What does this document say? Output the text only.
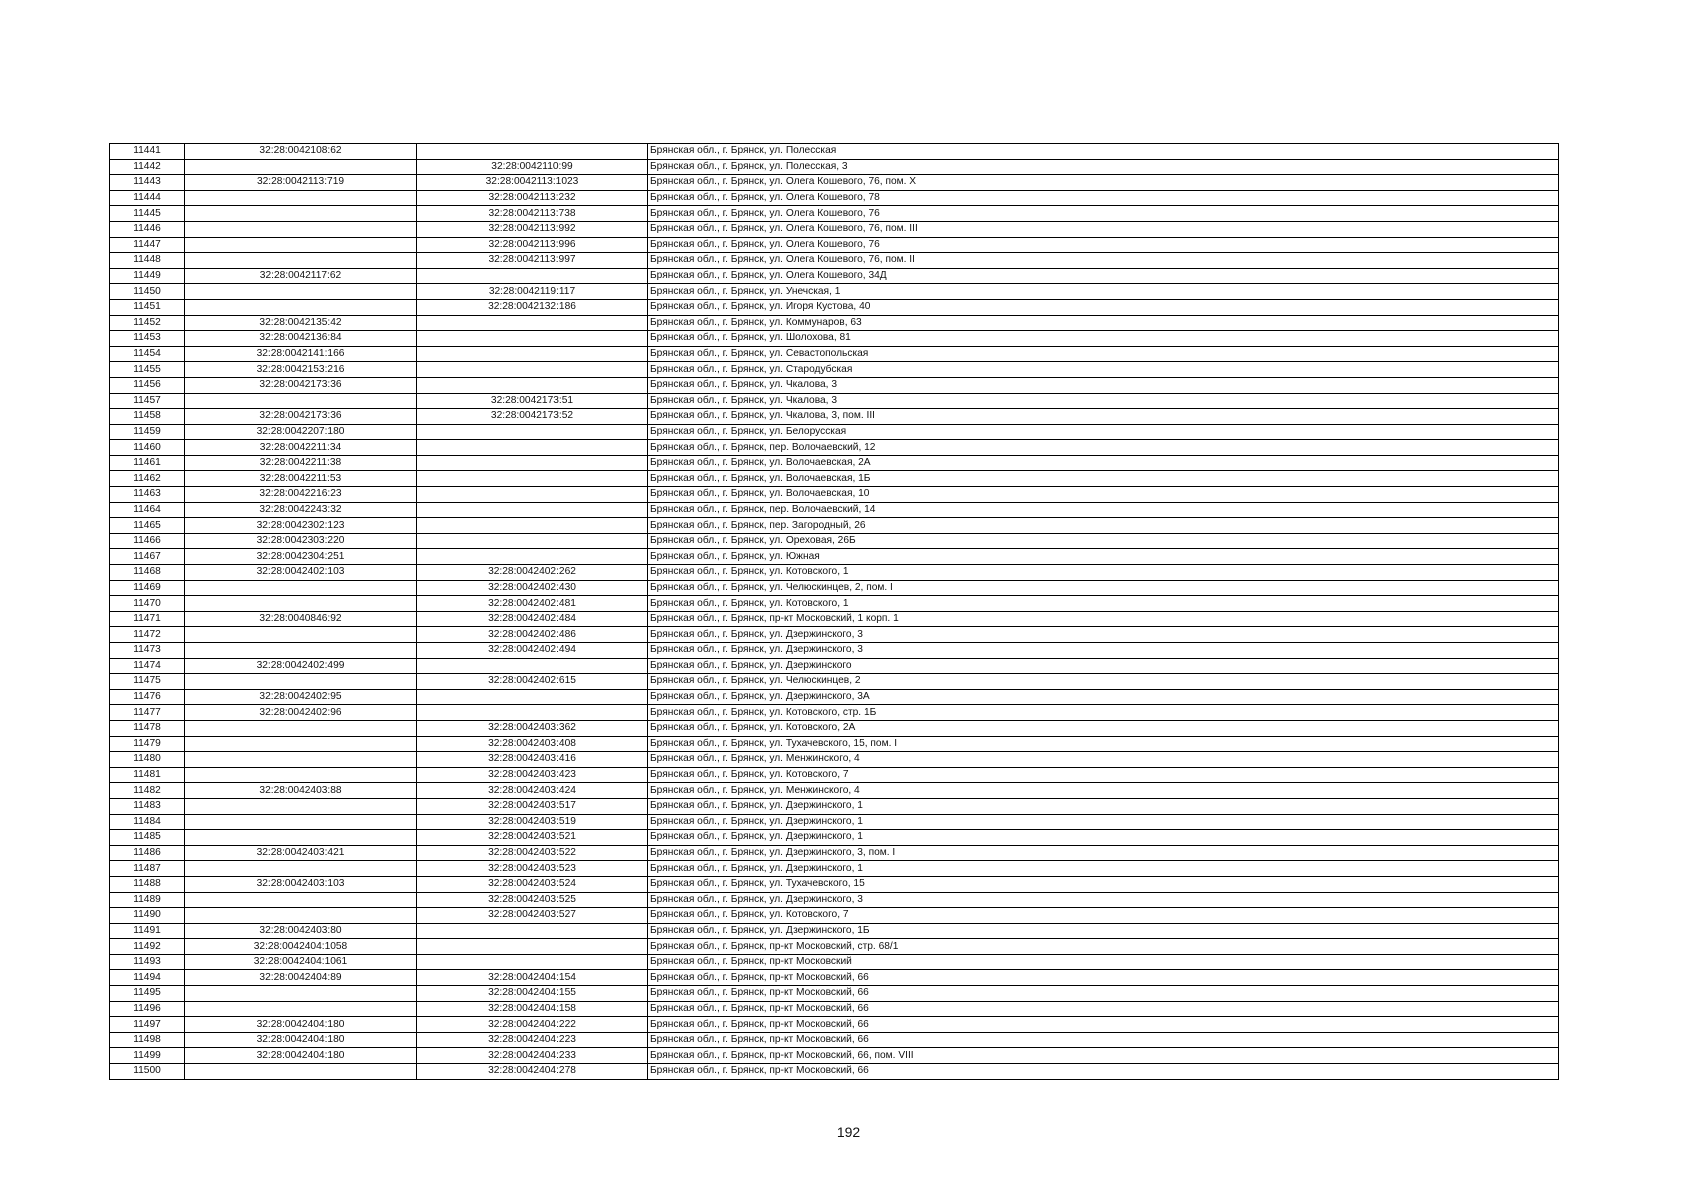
11441	32:28:0042108:62		Брянская обл., г. Брянск, ул. Полесская
11442		32:28:0042110:99	Брянская обл., г. Брянск, ул. Полесская, 3
11443	32:28:0042113:719	32:28:0042113:1023	Брянская обл., г. Брянск, ул. Олега Кошевого, 76, пом. X
11444		32:28:0042113:232	Брянская обл., г. Брянск, ул. Олега Кошевого, 78
11445		32:28:0042113:738	Брянская обл., г. Брянск, ул. Олега Кошевого, 76
11446		32:28:0042113:992	Брянская обл., г. Брянск, ул. Олега Кошевого, 76, пом. III
11447		32:28:0042113:996	Брянская обл., г. Брянск, ул. Олега Кошевого, 76
11448		32:28:0042113:997	Брянская обл., г. Брянск, ул. Олега Кошевого, 76, пом. II
11449	32:28:0042117:62		Брянская обл., г. Брянск, ул. Олега Кошевого, 34Д
11450		32:28:0042119:117	Брянская обл., г. Брянск, ул. Унечская, 1
11451		32:28:0042132:186	Брянская обл., г. Брянск, ул. Игоря Кустова, 40
11452	32:28:0042135:42		Брянская обл., г. Брянск, ул. Коммунаров, 63
11453	32:28:0042136:84		Брянская обл., г. Брянск, ул. Шолохова, 81
11454	32:28:0042141:166		Брянская обл., г. Брянск, ул. Севастопольская
11455	32:28:0042153:216		Брянская обл., г. Брянск, ул. Стародубская
11456	32:28:0042173:36		Брянская обл., г. Брянск, ул. Чкалова, 3
11457		32:28:0042173:51	Брянская обл., г. Брянск, ул. Чкалова, 3
11458	32:28:0042173:36	32:28:0042173:52	Брянская обл., г. Брянск, ул. Чкалова, 3, пом. III
11459	32:28:0042207:180		Брянская обл., г. Брянск, ул. Белорусская
11460	32:28:0042211:34		Брянская обл., г. Брянск, пер. Волочаевский, 12
11461	32:28:0042211:38		Брянская обл., г. Брянск, ул. Волочаевская, 2А
11462	32:28:0042211:53		Брянская обл., г. Брянск, ул. Волочаевская, 1Б
11463	32:28:0042216:23		Брянская обл., г. Брянск, ул. Волочаевская, 10
11464	32:28:0042243:32		Брянская обл., г. Брянск, пер. Волочаевский, 14
11465	32:28:0042302:123		Брянская обл., г. Брянск, пер. Загородный, 26
11466	32:28:0042303:220		Брянская обл., г. Брянск, ул. Ореховая, 26Б
11467	32:28:0042304:251		Брянская обл., г. Брянск, ул. Южная
11468	32:28:0042402:103	32:28:0042402:262	Брянская обл., г. Брянск, ул. Котовского, 1
11469		32:28:0042402:430	Брянская обл., г. Брянск, ул. Челюскинцев, 2, пом. I
11470		32:28:0042402:481	Брянская обл., г. Брянск, ул. Котовского, 1
11471	32:28:0040846:92	32:28:0042402:484	Брянская обл., г. Брянск, пр-кт Московский, 1 корп. 1
11472		32:28:0042402:486	Брянская обл., г. Брянск, ул. Дзержинского, 3
11473		32:28:0042402:494	Брянская обл., г. Брянск, ул. Дзержинского, 3
11474	32:28:0042402:499		Брянская обл., г. Брянск, ул. Дзержинского
11475		32:28:0042402:615	Брянская обл., г. Брянск, ул. Челюскинцев, 2
11476	32:28:0042402:95		Брянская обл., г. Брянск, ул. Дзержинского, 3А
11477	32:28:0042402:96		Брянская обл., г. Брянск, ул. Котовского, стр. 1Б
11478		32:28:0042403:362	Брянская обл., г. Брянск, ул. Котовского, 2А
11479		32:28:0042403:408	Брянская обл., г. Брянск, ул. Тухачевского, 15, пом. I
11480		32:28:0042403:416	Брянская обл., г. Брянск, ул. Менжинского, 4
11481		32:28:0042403:423	Брянская обл., г. Брянск, ул. Котовского, 7
11482	32:28:0042403:88	32:28:0042403:424	Брянская обл., г. Брянск, ул. Менжинского, 4
11483		32:28:0042403:517	Брянская обл., г. Брянск, ул. Дзержинского, 1
11484		32:28:0042403:519	Брянская обл., г. Брянск, ул. Дзержинского, 1
11485		32:28:0042403:521	Брянская обл., г. Брянск, ул. Дзержинского, 1
11486	32:28:0042403:421	32:28:0042403:522	Брянская обл., г. Брянск, ул. Дзержинского, 3, пом. I
11487		32:28:0042403:523	Брянская обл., г. Брянск, ул. Дзержинского, 1
11488	32:28:0042403:103	32:28:0042403:524	Брянская обл., г. Брянск, ул. Тухачевского, 15
11489		32:28:0042403:525	Брянская обл., г. Брянск, ул. Дзержинского, 3
11490		32:28:0042403:527	Брянская обл., г. Брянск, ул. Котовского, 7
11491	32:28:0042403:80		Брянская обл., г. Брянск, ул. Дзержинского, 1Б
11492	32:28:0042404:1058		Брянская обл., г. Брянск, пр-кт Московский, стр. 68/1
11493	32:28:0042404:1061		Брянская обл., г. Брянск, пр-кт Московский
11494	32:28:0042404:89	32:28:0042404:154	Брянская обл., г. Брянск, пр-кт Московский, 66
11495		32:28:0042404:155	Брянская обл., г. Брянск, пр-кт Московский, 66
11496		32:28:0042404:158	Брянская обл., г. Брянск, пр-кт Московский, 66
11497	32:28:0042404:180	32:28:0042404:222	Брянская обл., г. Брянск, пр-кт Московский, 66
11498	32:28:0042404:180	32:28:0042404:223	Брянская обл., г. Брянск, пр-кт Московский, 66
11499	32:28:0042404:180	32:28:0042404:233	Брянская обл., г. Брянск, пр-кт Московский, 66, пом. VIII
11500		32:28:0042404:278	Брянская обл., г. Брянск, пр-кт Московский, 66
192
